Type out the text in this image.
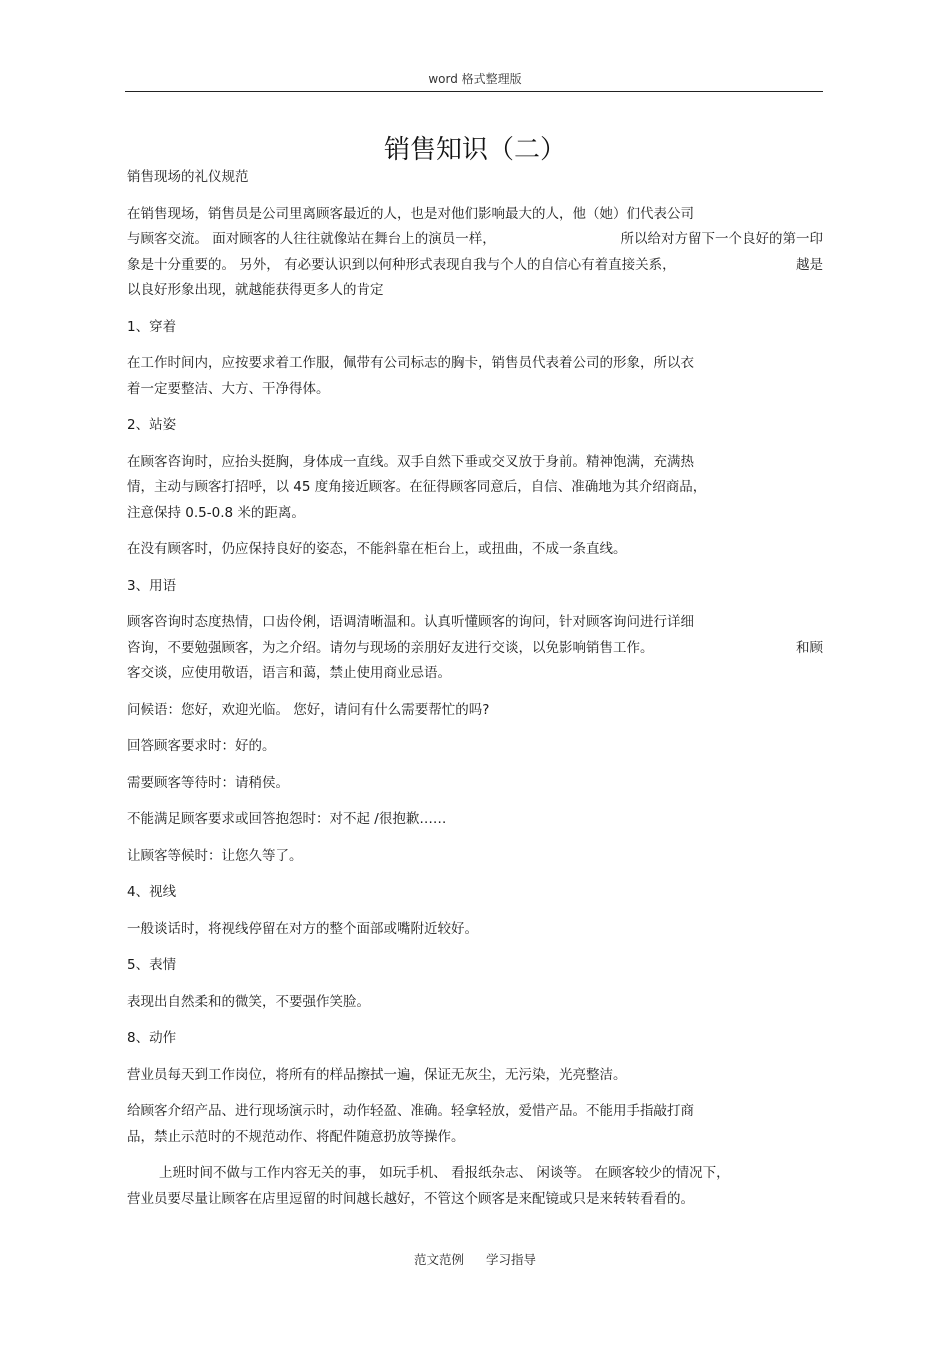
word 格式整理版
销售知识（二）
销售现场的礼仪规范
在销售现场，销售员是公司里离顾客最近的人，也是对他们影响最大的人，他（她）们代表公司
与顾客交流。 面对顾客的人往往就像站在舞台上的演员一样，	所以给对方留下一个良好的第一印
象是十分重要的。 另外， 有必要认识到以何种形式表现自我与个人的自信心有着直接关系，	越是
以良好形象出现，就越能获得更多人的肯定
1、穿着
在工作时间内，应按要求着工作服，佩带有公司标志的胸卡，销售员代表着公司的形象，所以衣
着一定要整洁、大方、干净得体。
2、站姿
在顾客咨询时，应抬头挺胸，身体成一直线。双手自然下垂或交叉放于身前。精神饱满，充满热
情，主动与顾客打招呼，以 45 度角接近顾客。在征得顾客同意后，自信、准确地为其介绍商品，
注意保持 0.5-0.8 米的距离。
在没有顾客时，仍应保持良好的姿态，不能斜靠在柜台上，或扭曲，不成一条直线。
3、用语
顾客咨询时态度热情，口齿伶俐，语调清晰温和。认真听懂顾客的询问，针对顾客询问进行详细
咨询，不要勉强顾客，为之介绍。请勿与现场的亲朋好友进行交谈，以免影响销售工作。	和顾
客交谈，应使用敬语，语言和蔼，禁止使用商业忌语。
问候语：您好，欢迎光临。 您好，请问有什么需要帮忙的吗?
回答顾客要求时：好的。
需要顾客等待时：请稍侯。
不能满足顾客要求或回答抱怨时：对不起 /很抱歉……
让顾客等候时：让您久等了。
4、视线
一般谈话时，将视线停留在对方的整个面部或嘴附近较好。
5、表情
表现出自然柔和的微笑，不要强作笑脸。
8、动作
营业员每天到工作岗位，将所有的样品擦拭一遍，保证无灰尘，无污染，光亮整洁。
给顾客介绍产品、进行现场演示时，动作轻盈、准确。轻拿轻放，爱惜产品。不能用手指敲打商
品，禁止示范时的不规范动作、将配件随意扔放等操作。
上班时间不做与工作内容无关的事， 如玩手机、 看报纸杂志、 闲谈等。 在顾客较少的情况下，
营业员要尽量让顾客在店里逗留的时间越长越好，不管这个顾客是来配镜或只是来转转看看的。
范文范例 学习指导
